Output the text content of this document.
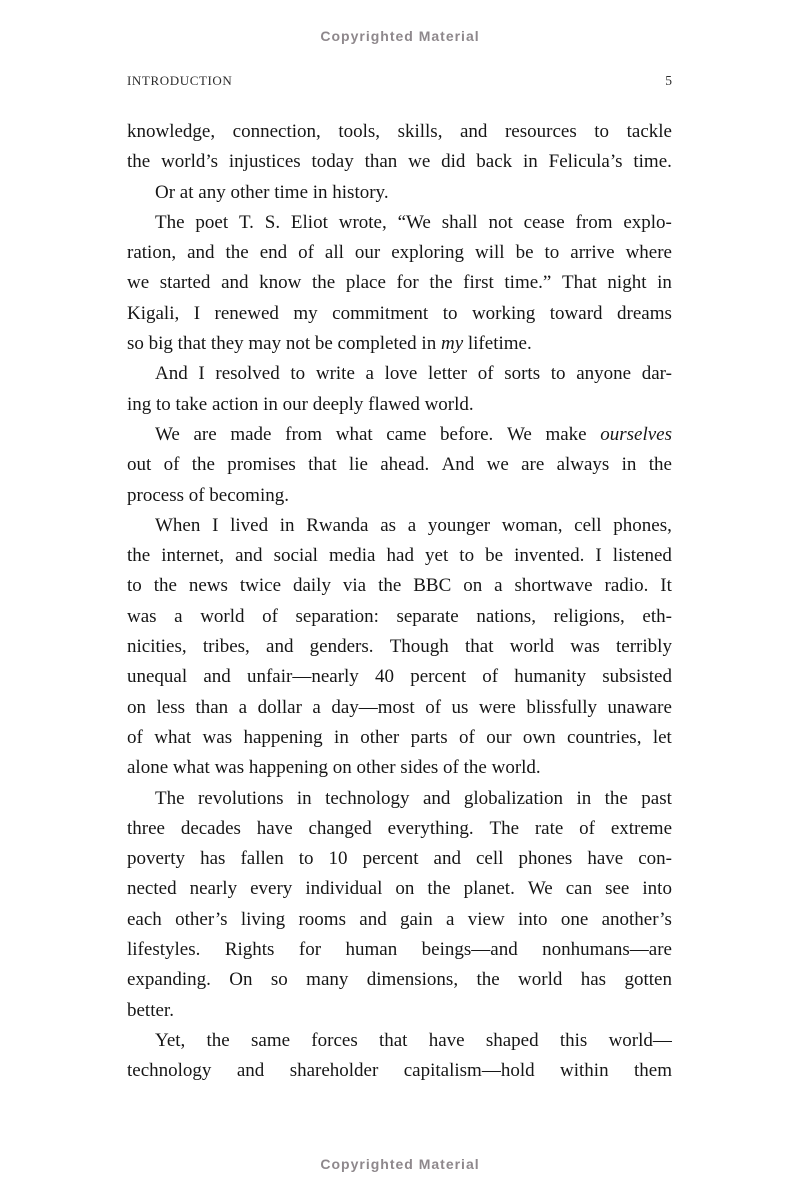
Copyrighted Material
INTRODUCTION	5
knowledge, connection, tools, skills, and resources to tackle
the world’s injustices today than we did back in Felicula’s time.
Or at any other time in history.
The poet T. S. Eliot wrote, “We shall not cease from explo-
ration, and the end of all our exploring will be to arrive where
we started and know the place for the first time.” That night in
Kigali, I renewed my commitment to working toward dreams
so big that they may not be completed in my lifetime.
And I resolved to write a love letter of sorts to anyone dar-
ing to take action in our deeply flawed world.
We are made from what came before. We make ourselves
out of the promises that lie ahead. And we are always in the
process of becoming.
When I lived in Rwanda as a younger woman, cell phones,
the internet, and social media had yet to be invented. I listened
to the news twice daily via the BBC on a shortwave radio. It
was a world of separation: separate nations, religions, eth-
nicities, tribes, and genders. Though that world was terribly
unequal and unfair—nearly 40 percent of humanity subsisted
on less than a dollar a day—most of us were blissfully unaware
of what was happening in other parts of our own countries, let
alone what was happening on other sides of the world.
The revolutions in technology and globalization in the past
three decades have changed everything. The rate of extreme
poverty has fallen to 10 percent and cell phones have con-
nected nearly every individual on the planet. We can see into
each other’s living rooms and gain a view into one another’s
lifestyles. Rights for human beings—and nonhumans—are
expanding. On so many dimensions, the world has gotten
better.
Yet, the same forces that have shaped this world—
technology and shareholder capitalism—hold within them
Copyrighted Material
